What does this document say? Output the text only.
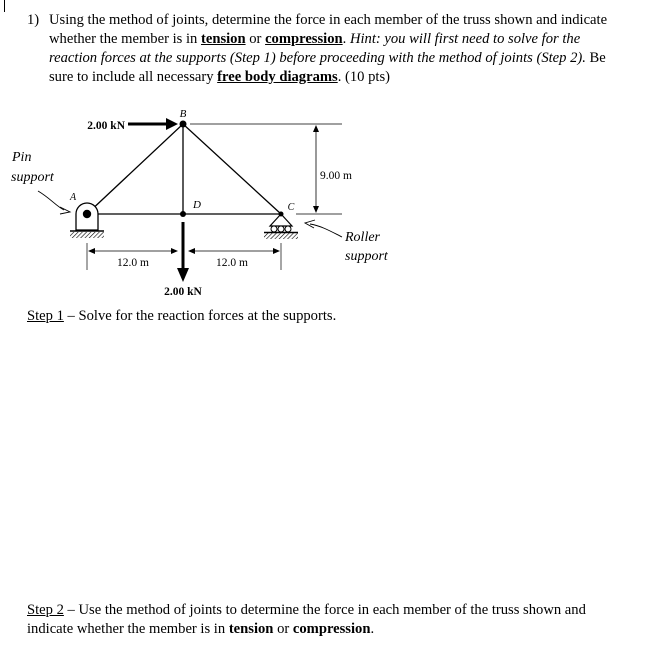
1) Using the method of joints, determine the force in each member of the truss shown and indicate whether the member is in tension or compression. Hint: you will first need to solve for the reaction forces at the supports (Step 1) before proceeding with the method of joints (Step 2). Be sure to include all necessary free body diagrams. (10 pts)
B
A
D	C
2.00 kN
2.00 kN
9.00 m
12.0 m	12.0 m
Pin
support
Roller
support
Step 1 – Solve for the reaction forces at the supports.
Step 2 – Use the method of joints to determine the force in each member of the truss shown and indicate whether the member is in tension or compression.
